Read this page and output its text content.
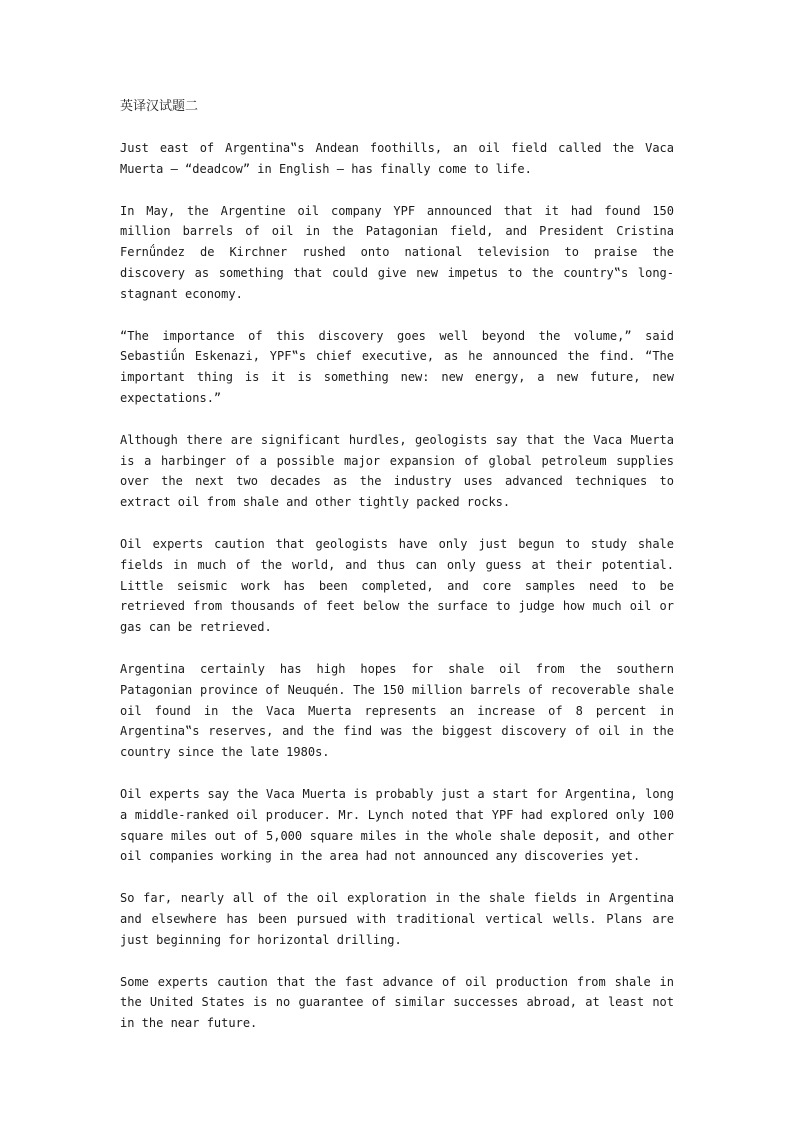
英译汉试题二

Just east of Argentina‟s Andean foothills, an oil field called the Vaca Muerta — “deadcow” in English — has finally come to life.

In May, the Argentine oil company YPF announced that it had found 150 million barrels of oil in the Patagonian field, and President Cristina Fernǘndez de Kirchner rushed onto national television to praise the discovery as something that could give new impetus to the country‟s long-stagnant economy.

“The importance of this discovery goes well beyond the volume,” said Sebastiǘn Eskenazi, YPF‟s chief executive, as he announced the find. “The important thing is it is something new: new energy, a new future, new expectations.”

Although there are significant hurdles, geologists say that the Vaca Muerta is a harbinger of a possible major expansion of global petroleum supplies over the next two decades as the industry uses advanced techniques to extract oil from shale and other tightly packed rocks.

Oil experts caution that geologists have only just begun to study shale fields in much of the world, and thus can only guess at their potential. Little seismic work has been completed, and core samples need to be retrieved from thousands of feet below the surface to judge how much oil or gas can be retrieved.

Argentina certainly has high hopes for shale oil from the southern Patagonian province of Neuquén. The 150 million barrels of recoverable shale oil found in the Vaca Muerta represents an increase of 8 percent in Argentina‟s reserves, and the find was the biggest discovery of oil in the country since the late 1980s.

Oil experts say the Vaca Muerta is probably just a start for Argentina, long a middle-ranked oil producer. Mr. Lynch noted that YPF had explored only 100 square miles out of 5,000 square miles in the whole shale deposit, and other oil companies working in the area had not announced any discoveries yet.

So far, nearly all of the oil exploration in the shale fields in Argentina and elsewhere has been pursued with traditional vertical wells. Plans are just beginning for horizontal drilling.

Some experts caution that the fast advance of oil production from shale in the United States is no guarantee of similar successes abroad, at least not in the near future.
